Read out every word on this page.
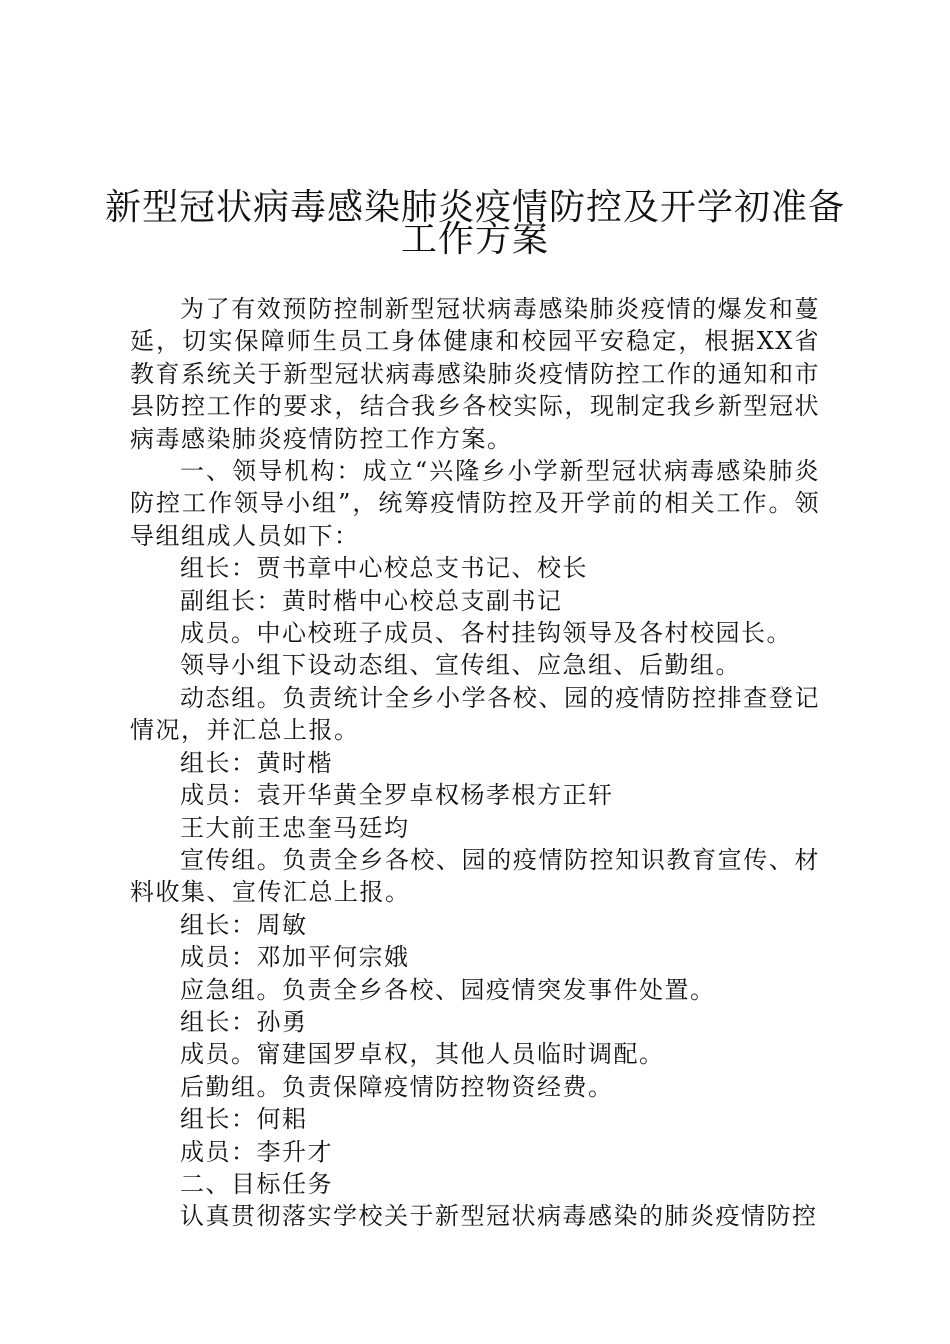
新型冠状病毒感染肺炎疫情防控及开学初准备
工作方案

为了有效预防控制新型冠状病毒感染肺炎疫情的爆发和蔓延，切实保障师生员工身体健康和校园平安稳定，根据XX省教育系统关于新型冠状病毒感染肺炎疫情防控工作的通知和市县防控工作的要求，结合我乡各校实际，现制定我乡新型冠状病毒感染肺炎疫情防控工作方案。

一、领导机构：成立“兴隆乡小学新型冠状病毒感染肺炎防控工作领导小组”，统筹疫情防控及开学前的相关工作。领导组组成人员如下：

组长：贾书章中心校总支书记、校长

副组长：黄时楷中心校总支副书记

成员。中心校班子成员、各村挂钩领导及各村校园长。

领导小组下设动态组、宣传组、应急组、后勤组。

动态组。负责统计全乡小学各校、园的疫情防控排查登记情况，并汇总上报。

组长：黄时楷

成员：袁开华黄全罗卓权杨孝根方正轩

王大前王忠奎马廷均

宣传组。负责全乡各校、园的疫情防控知识教育宣传、材料收集、宣传汇总上报。

组长：周敏

成员：邓加平何宗娥

应急组。负责全乡各校、园疫情突发事件处置。

组长：孙勇

成员。甯建国罗卓权，其他人员临时调配。

后勤组。负责保障疫情防控物资经费。

组长：何耜

成员：李升才

二、目标任务

认真贯彻落实学校关于新型冠状病毒感染的肺炎疫情防控
